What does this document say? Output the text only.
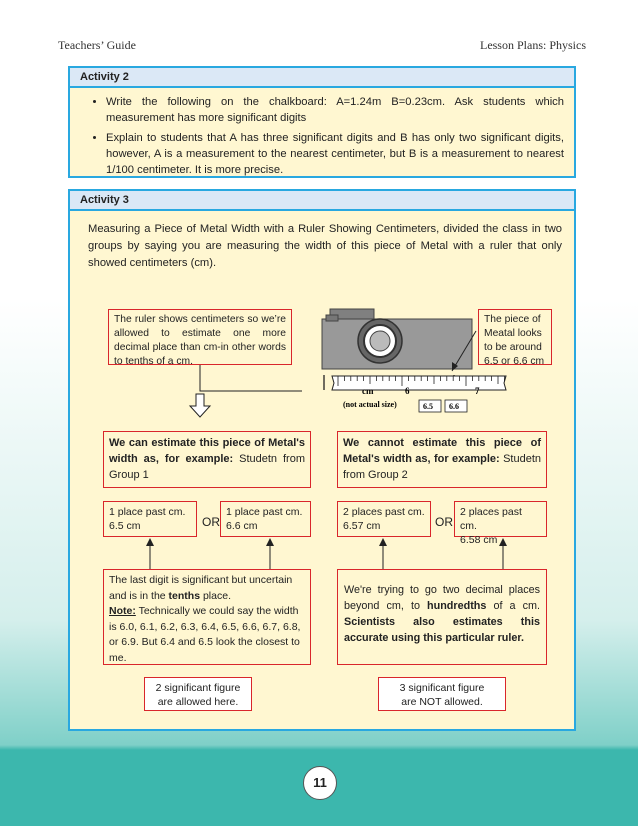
Teachers’ Guide	Lesson Plans: Physics
Activity 2
• Write the following on the chalkboard: A=1.24m B=0.23cm. Ask students which measurement has more significant digits
• Explain to students that A has three significant digits and B has only two significant digits, however, A is a measurement to the nearest centimeter, but B is a measurement to nearest 1/100 centimeter. It is more precise.
Activity 3
Measuring a Piece of Metal Width with a Ruler Showing Centimeters, divided the class in two groups by saying you are measuring the width of this piece of Metal with a ruler that only showed centimeters (cm).
cm	6	7
(not actual size)	6.5 6.6
The ruler shows centimeters so we’re allowed to estimate one more decimal place than cm-in other words to tenths of a cm.
The piece of Meatal looks to be around 6.5 or 6.6 cm
We can estimate this piece of Metal's width as, for example: Studetn from Group 1
1 place past cm.
6.5 cm	OR
1 place past cm.
6.6 cm
The last digit is significant but uncertain and is in the tenths place.
Note: Technically we could say the width is 6.0, 6.1, 6.2, 6.3, 6.4, 6.5, 6.6, 6.7, 6.8, or 6.9. But 6.4 and 6.5 look the closest to me.
2 significant figure
are allowed here.
We cannot estimate this piece of Metal's width as, for example: Studetn from Group 2
2 places past cm.
6.57 cm	OR
2 places past cm.
6.58 cm
We're trying to go two decimal places beyond cm, to hundredths of a cm. Scientists also estimates this accurate using this particular ruler.
3 significant figure
are NOT allowed.
11
